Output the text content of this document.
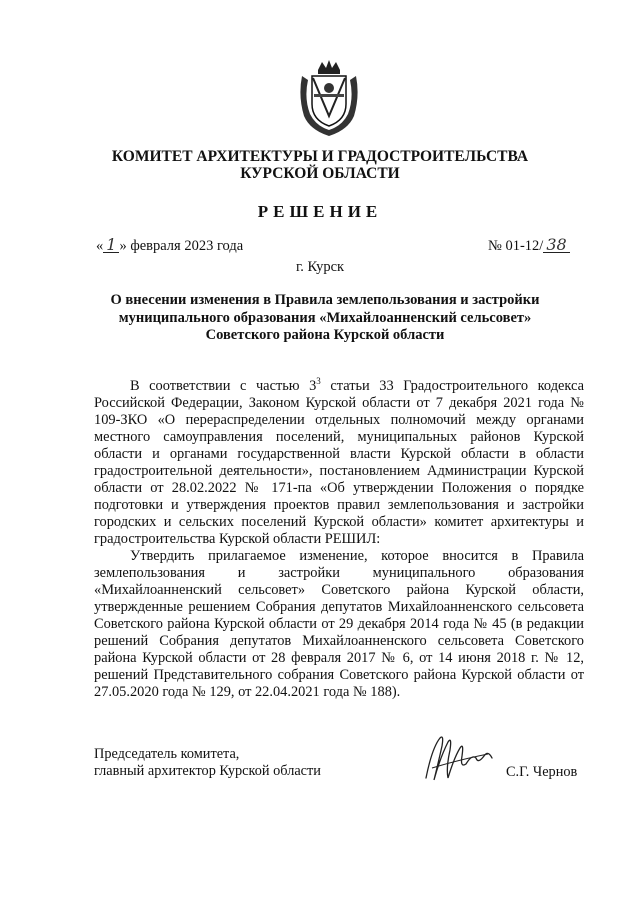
КОМИТЕТ АРХИТЕКТУРЫ И ГРАДОСТРОИТЕЛЬСТВА
КУРСКОЙ ОБЛАСТИ
РЕШЕНИЕ
« 1 » февраля 2023 года	№ 01-12/ 38
г. Курск
О внесении изменения в Правила землепользования и застройки
муниципального образования «Михайлоанненский сельсовет»
Советского района Курской области

В соответствии с частью $3^3$ статьи 33 Градостроительного кодекса Российской Федерации, Законом Курской области от 7 декабря 2021 года № 109-ЗКО «О перераспределении отдельных полномочий между органами местного самоуправления поселений, муниципальных районов Курской области и органами государственной власти Курской области в области градостроительной деятельности», постановлением Администрации Курской области от 28.02.2022 № 171-па «Об утверждении Положения о порядке подготовки и утверждения проектов правил землепользования и застройки городских и сельских поселений Курской области» комитет архитектуры и градостроительства Курской области РЕШИЛ:

Утвердить прилагаемое изменение, которое вносится в Правила землепользования и застройки муниципального образования «Михайлоанненский сельсовет» Советского района Курской области, утвержденные решением Собрания депутатов Михайлоанненского сельсовета Советского района Курской области от 29 декабря 2014 года № 45 (в редакции решений Собрания депутатов Михайлоанненского сельсовета Советского района Курской области от 28 февраля 2017 № 6, от 14 июня 2018 г. № 12, решений Представительного собрания Советского района Курской области от 27.05.2020 года № 129, от 22.04.2021 года № 188).

Председатель комитета,
главный архитектор Курской области	С.Г. Чернов
